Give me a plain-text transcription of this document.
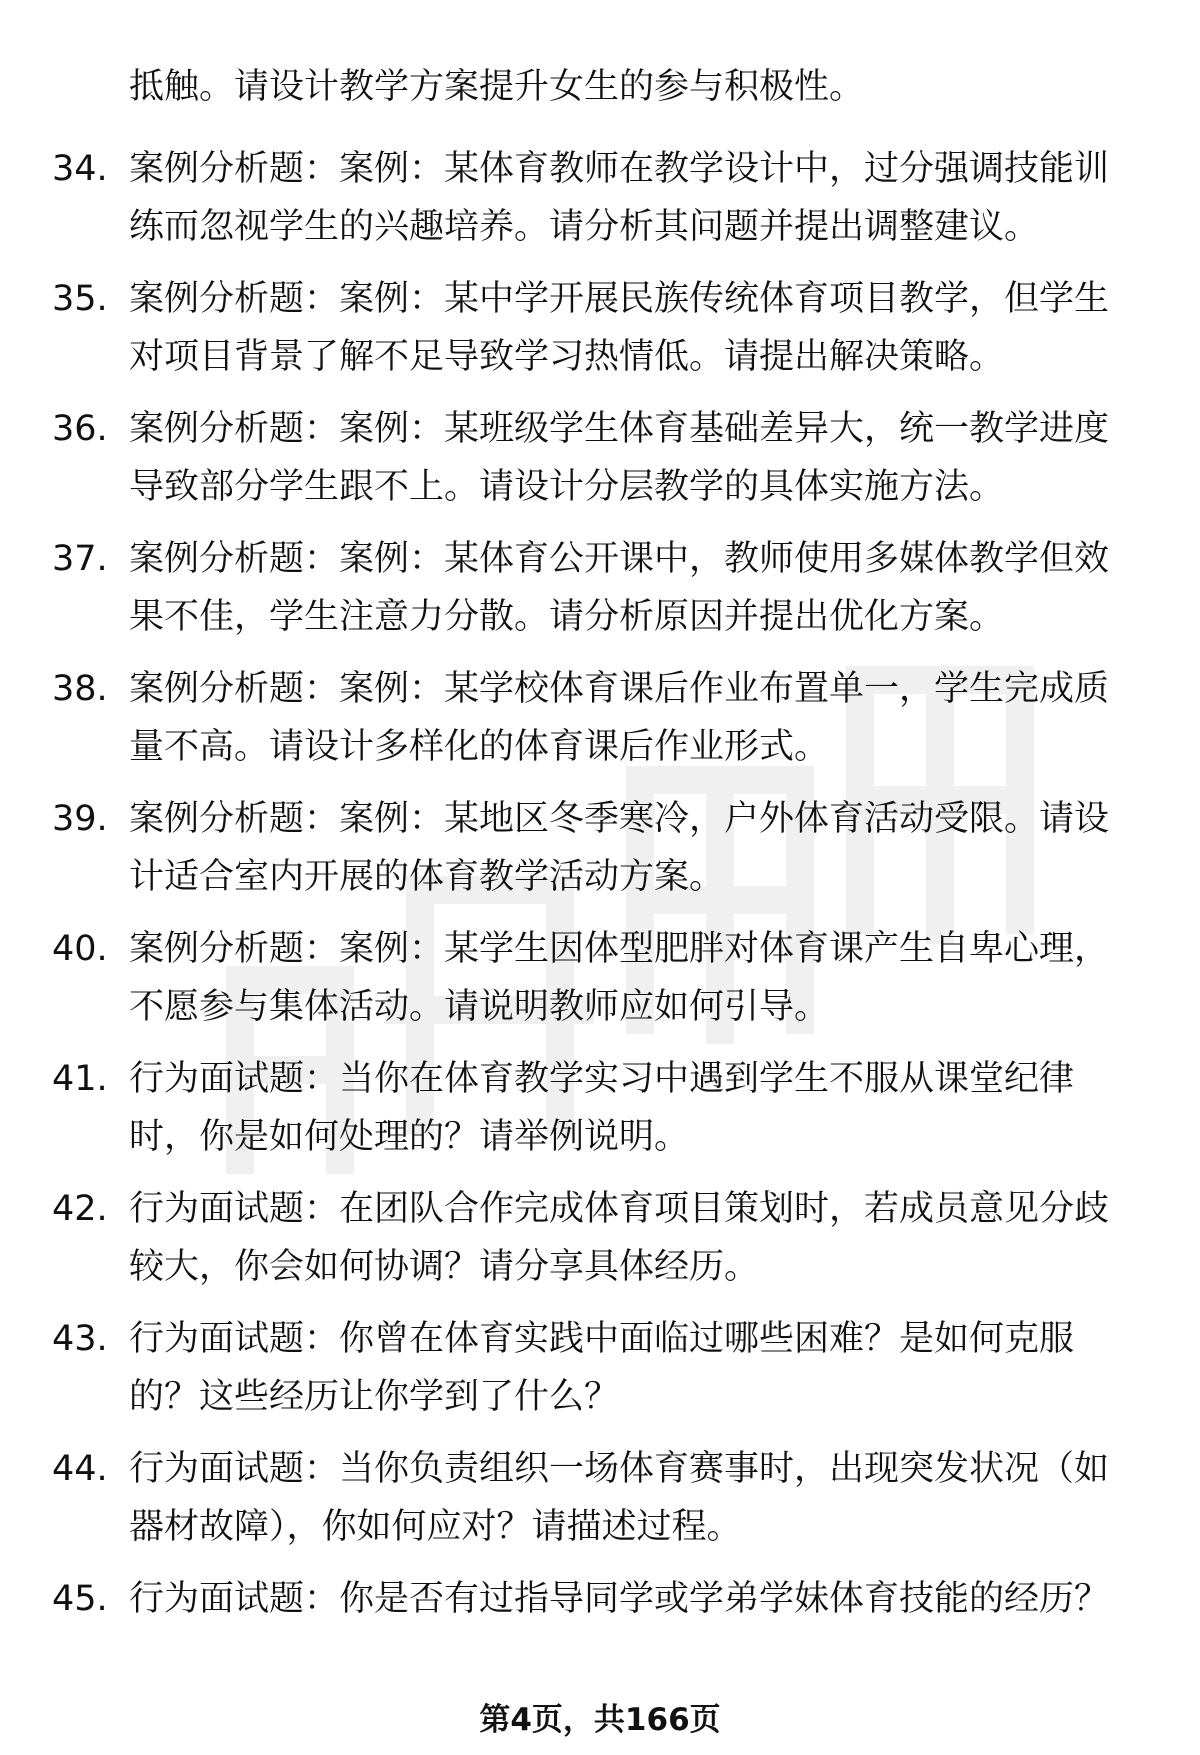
抵触。请设计教学方案提升女生的参与积极性。
34. 案例分析题：案例：某体育教师在教学设计中，过分强调技能训
练而忽视学生的兴趣培养。请分析其问题并提出调整建议。
35. 案例分析题：案例：某中学开展民族传统体育项目教学，但学生
对项目背景了解不足导致学习热情低。请提出解决策略。
36. 案例分析题：案例：某班级学生体育基础差异大，统一教学进度
导致部分学生跟不上。请设计分层教学的具体实施方法。
37. 案例分析题：案例：某体育公开课中，教师使用多媒体教学但效
果不佳，学生注意力分散。请分析原因并提出优化方案。
38. 案例分析题：案例：某学校体育课后作业布置单一，学生完成质
量不高。请设计多样化的体育课后作业形式。
39. 案例分析题：案例：某地区冬季寒冷，户外体育活动受限。请设
计适合室内开展的体育教学活动方案。
40. 案例分析题：案例：某学生因体型肥胖对体育课产生自卑心理，
不愿参与集体活动。请说明教师应如何引导。
41. 行为面试题：当你在体育教学实习中遇到学生不服从课堂纪律
时，你是如何处理的？请举例说明。
42. 行为面试题：在团队合作完成体育项目策划时，若成员意见分歧
较大，你会如何协调？请分享具体经历。
43. 行为面试题：你曾在体育实践中面临过哪些困难？是如何克服
的？这些经历让你学到了什么？
44. 行为面试题：当你负责组织一场体育赛事时，出现突发状况（如
器材故障），你如何应对？请描述过程。
45. 行为面试题：你是否有过指导同学或学弟学妹体育技能的经历？
第4页，共166页
